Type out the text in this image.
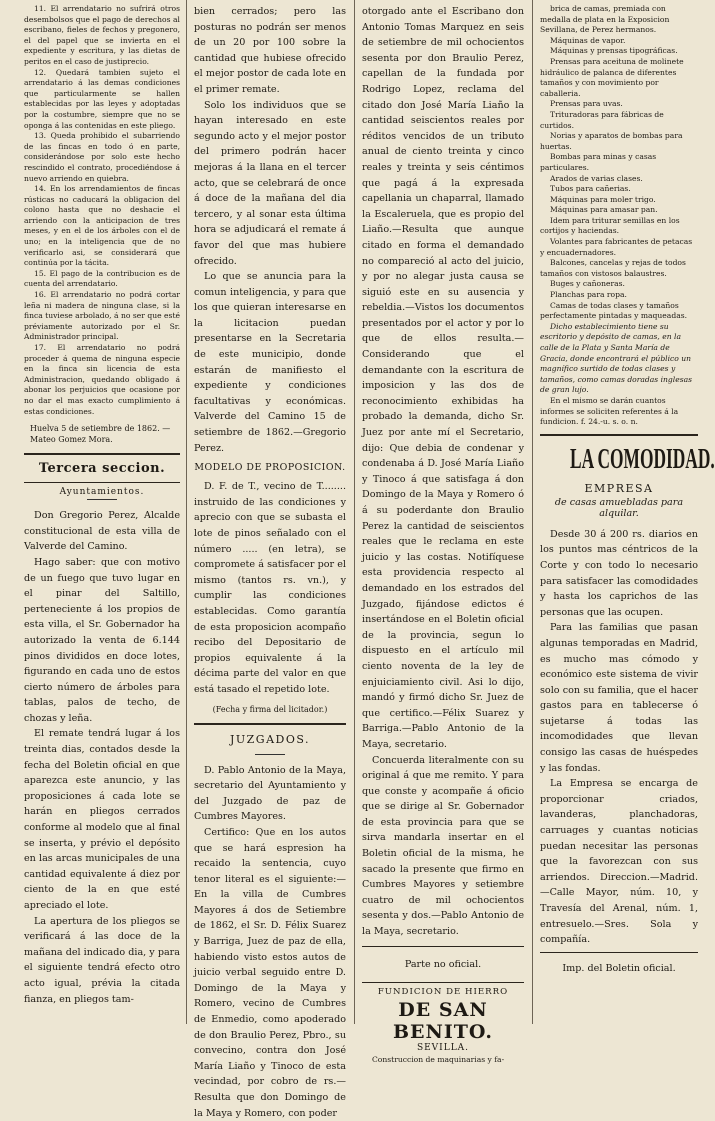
11. El arrendatario no sufrirá otros desembolsos que el pago de derechos al escribano, fieles de fechos y pregonero, el del papel que se invierta en el expediente y escritura, y las dietas de peritos en el caso de justiprecio.

12. Quedará tambien sujeto el arrendatario á las demas condiciones que particularmente se hallen establecidas por las leyes y adoptadas por la costumbre, siempre que no se oponga á las contenidas en este pliego.

13. Queda prohibido el subarriendo de las fincas en todo ó en parte, considerándose por solo este hecho rescindido el contrato, procediéndose á nuevo arriendo en quiebra.

14. En los arrendamientos de fincas rústicas no caducará la obligacion del colono hasta que no deshacie el arriendo con la anticipacion de tres meses, y en el de los árboles con el de uno; en la inteligencia que de no verificarlo asi, se considerará que continúa por la tácita.

15. El pago de la contribucion es de cuenta del arrendatario.

16. El arrendatario no podrá cortar leña ni madera de ninguna clase, si la finca tuviese arbolado, á no ser que esté préviamente autorizado por el Sr. Administrador principal.

17. El arrendatario no podrá proceder á quema de ninguna especie en la finca sin licencia de esta Administracion, quedando obligado á abonar los perjuicios que ocasione por no dar el mas exacto cumplimiento á estas condiciones.

Huelva 5 de setiembre de 1862. —
Mateo Gomez Mora.
Tercera seccion.
Ayuntamientos.

Don Gregorio Perez, Alcalde constitucional de esta villa de Valverde del Camino.

Hago saber: que con motivo de un fuego que tuvo lugar en el pinar del Saltillo, perteneciente á los propios de esta villa, el Sr. Gobernador ha autorizado la venta de 6.144 pinos divididos en doce lotes, figurando en cada uno de estos cierto número de árboles para tablas, palos de techo, de chozas y leña.

El remate tendrá lugar á los treinta dias, contados desde la fecha del Boletin oficial en que aparezca este anuncio, y las proposiciones á cada lote se harán en pliegos cerrados conforme al modelo que al final se inserta, y prévio el depósito en las arcas municipales de una cantidad equivalente á diez por ciento de la en que esté apreciado el lote.

La apertura de los pliegos se verificará á las doce de la mañana del indicado dia, y para el siguiente tendrá efecto otro acto igual, prévia la citada fianza, en pliegos tam-

bien cerrados; pero las posturas no podrán ser menos de un 20 por 100 sobre la cantidad que hubiese ofrecido el mejor postor de cada lote en el primer remate.

Solo los individuos que se hayan interesado en este segundo acto y el mejor postor del primero podrán hacer mejoras á la llana en el tercer acto, que se celebrará de once á doce de la mañana del dia tercero, y al sonar esta última hora se adjudicará el remate á favor del que mas hubiere ofrecido.

Lo que se anuncia para la comun inteligencia, y para que los que quieran interesarse en la licitacion puedan presentarse en la Secretaria de este municipio, donde estarán de manifiesto el expediente y condiciones facultativas y económicas. Valverde del Camino 15 de setiembre de 1862.—Gregorio Perez.

MODELO DE PROPOSICION.

D. F. de T., vecino de T........ instruido de las condiciones y aprecio con que se subasta el lote de pinos señalado con el número ..... (en letra), se compromete á satisfacer por el mismo (tantos rs. vn.), y cumplir las condiciones establecidas. Como garantía de esta proposicion acompaño recibo del Depositario de propios equivalente á la décima parte del valor en que está tasado el repetido lote.

(Fecha y firma del licitador.)
JUZGADOS.

D. Pablo Antonio de la Maya, secretario del Ayuntamiento y del Juzgado de paz de Cumbres Mayores.

Certifico: Que en los autos que se hará espresion ha recaido la sentencia, cuyo tenor literal es el siguiente:—En la villa de Cumbres Mayores á dos de Setiembre de 1862, el Sr. D. Félix Suarez y Barriga, Juez de paz de ella, habiendo visto estos autos de juicio verbal seguido entre D. Domingo de la Maya y Romero, vecino de Cumbres de Enmedio, como apoderado de don Braulio Perez, Pbro., su convecino, contra don José María Liaño y Tinoco de esta vecindad, por cobro de rs.—Resulta que don Domingo de la Maya y Romero, con poder

otorgado ante el Escribano don Antonio Tomas Marquez en seis de setiembre de mil ochocientos sesenta por don Braulio Perez, capellan de la fundada por Rodrigo Lopez, reclama del citado don José María Liaño la cantidad seiscientos reales por réditos vencidos de un tributo anual de ciento treinta y cinco reales y treinta y seis céntimos que pagá á la expresada capellania un chaparral, llamado la Escaleruela, que es propio del Liaño.—Resulta que aunque citado en forma el demandado no compareció al acto del juicio, y por no alegar justa causa se siguió este en su ausencia y rebeldia.—Vistos los documentos presentados por el actor y por lo que de ellos resulta.—Considerando que el demandante con la escritura de imposicion y las dos de reconocimiento exhibidas ha probado la demanda, dicho Sr. Juez por ante mí el Secretario, dijo: Que debia de condenar y condenaba á D. José María Liaño y Tinoco á que satisfaga á don Domingo de la Maya y Romero ó á su poderdante don Braulio Perez la cantidad de seiscientos reales que le reclama en este juicio y las costas. Notifíquese esta providencia respecto al demandado en los estrados del Juzgado, fijándose edictos é insertándose en el Boletin oficial de la provincia, segun lo dispuesto en el artículo mil ciento noventa de la ley de enjuiciamiento civil. Asi lo dijo, mandó y firmó dicho Sr. Juez de que certifico.—Félix Suarez y Barriga.—Pablo Antonio de la Maya, secretario.

Concuerda literalmente con su original á que me remito. Y para que conste y acompañe á oficio que se dirige al Sr. Gobernador de esta provincia para que se sirva mandarla insertar en el Boletin oficial de la misma, he sacado la presente que firmo en Cumbres Mayores y setiembre cuatro de mil ochocientos sesenta y dos.—Pablo Antonio de la Maya, secretario.

Parte no oficial.
FUNDICION DE HIERRO
DE SAN BENITO.
SEVILLA.

Construccion de maquinarias y fa-

brica de camas, premiada con medalla de plata en la Exposicion Sevillana, de Perez hermanos.
Máquinas de vapor.
Máquinas y prensas tipográficas.
Prensas para aceituna de molinete hidráulico de palanca de diferentes tamaños y con movimiento por caballeria.
Prensas para uvas.
Trituradoras para fábricas de curtidos.
Norias y aparatos de bombas para huertas.
Bombas para minas y casas particulares.
Arados de varias clases.
Tubos para cañerias.
Máquinas para moler trigo.
Máquinas para amasar pan.
Idem para triturar semillas en los cortijos y haciendas.
Volantes para fabricantes de petacas y encuadernadores.
Balcones, cancelas y rejas de todos tamaños con vistosos balaustres.
Buges y cañoneras.
Planchas para ropa.
Camas de todas clases y tamaños perfectamente pintadas y maqueadas.
Dicho establecimiento tiene su escritorio y depósito de camas, en la calle de la Plata y Santa María de Gracia, donde encontrará el público un magnífico surtido de todas clases y tamaños, como camas doradas inglesas de gran lujo.
En el mismo se darán cuantos informes se soliciten referentes á la fundicion. f. 24.-u. s. o. n.
LA COMODIDAD.
EMPRESA
de casas amuebladas para alquilar.

Desde 30 á 200 rs. diarios en los puntos mas céntricos de la Corte y con todo lo necesario para satisfacer las comodidades y hasta los caprichos de las personas que las ocupen.

Para las familias que pasan algunas temporadas en Madrid, es mucho mas cómodo y económico este sistema de vivir solo con su familia, que el hacer gastos para en tablecerse ó sujetarse á todas las incomodidades que llevan consigo las casas de huéspedes y las fondas.

La Empresa se encarga de proporcionar criados, lavanderas, planchadoras, carruages y cuantas noticias puedan necesitar las personas que la favorezcan con sus arriendos. Direccion.—Madrid.—Calle Mayor, núm. 10, y Travesía del Arenal, núm. 1, entresuelo.—Sres. Sola y compañía.

Imp. del Boletin oficial.
